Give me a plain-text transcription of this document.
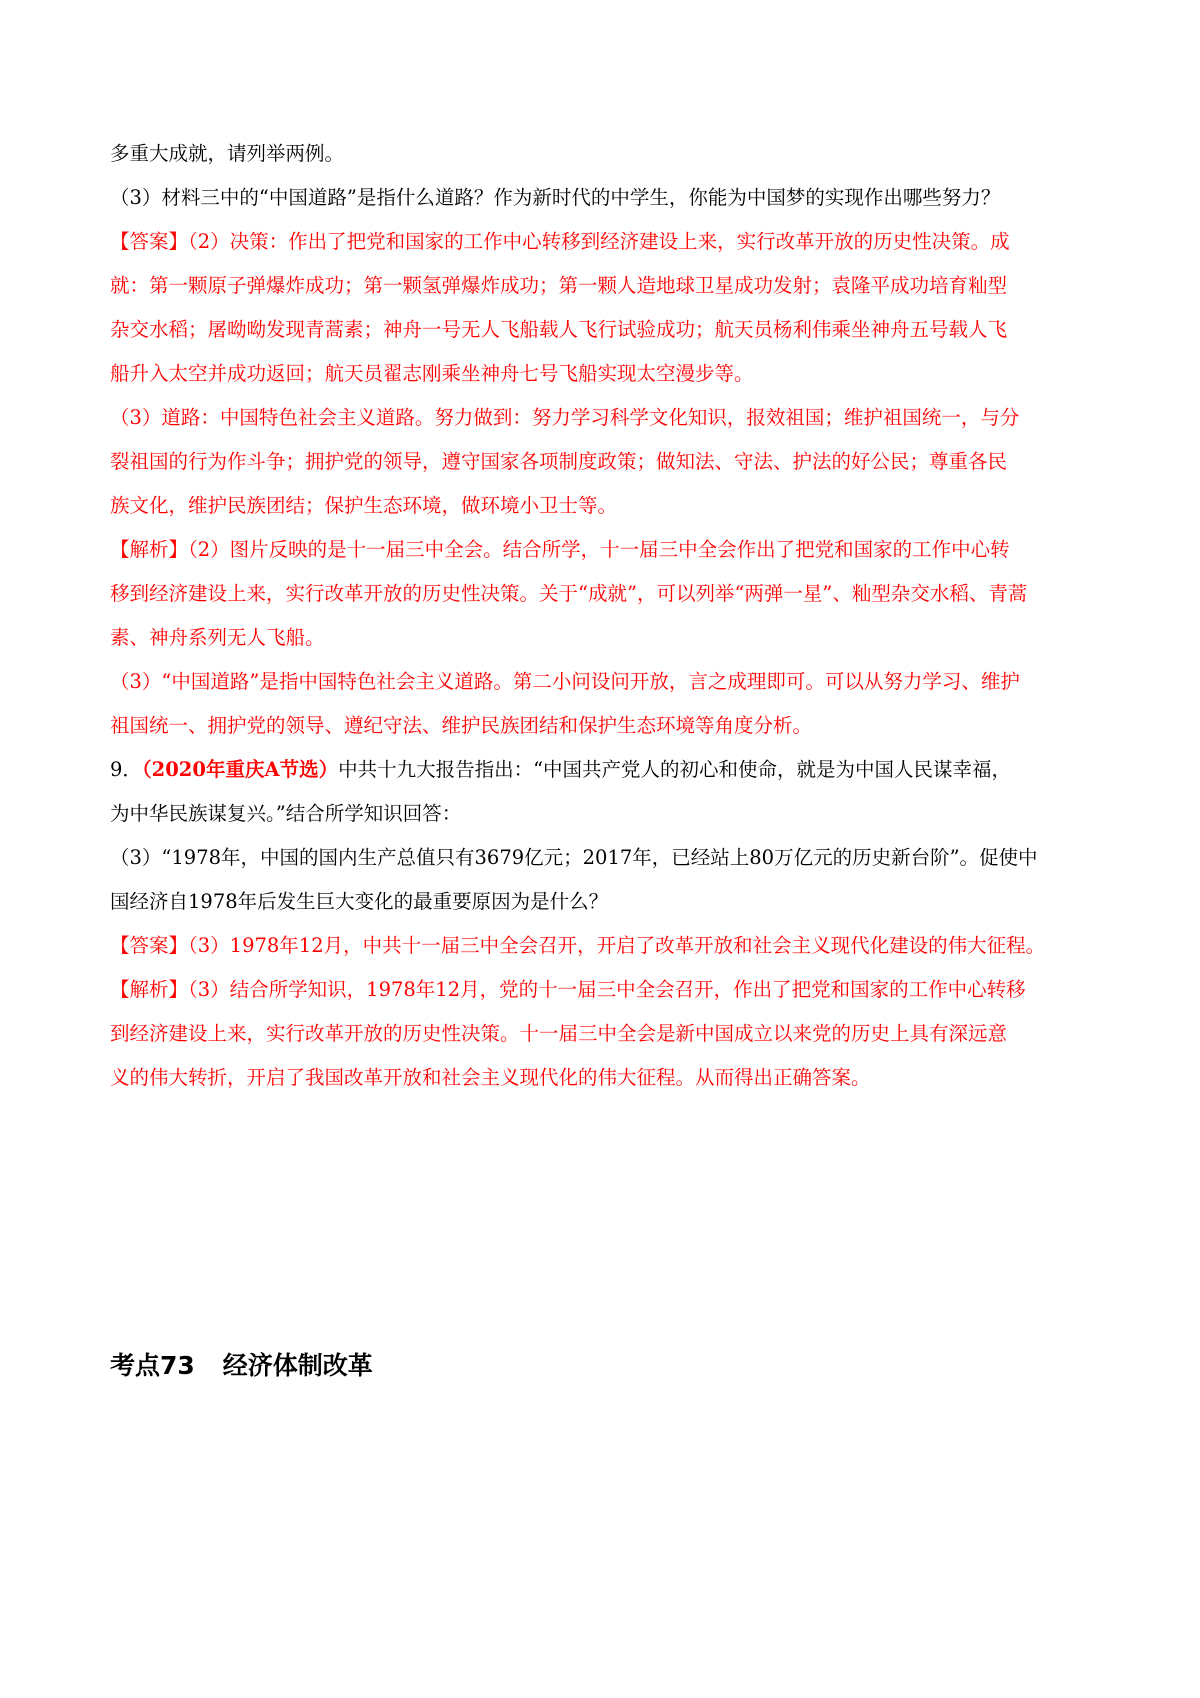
多重大成就，请列举两例。
（3）材料三中的“中国道路”是指什么道路？作为新时代的中学生，你能为中国梦的实现作出哪些努力？
【答案】（2）决策：作出了把党和国家的工作中心转移到经济建设上来，实行改革开放的历史性决策。成
就：第一颗原子弹爆炸成功；第一颗氢弹爆炸成功；第一颗人造地球卫星成功发射；袁隆平成功培育籼型
杂交水稻；屠呦呦发现青蒿素；神舟一号无人飞船载人飞行试验成功；航天员杨利伟乘坐神舟五号载人飞
船升入太空并成功返回；航天员翟志刚乘坐神舟七号飞船实现太空漫步等。
（3）道路：中国特色社会主义道路。努力做到：努力学习科学文化知识，报效祖国；维护祖国统一，与分
裂祖国的行为作斗争；拥护党的领导，遵守国家各项制度政策；做知法、守法、护法的好公民；尊重各民
族文化，维护民族团结；保护生态环境，做环境小卫士等。
【解析】（2）图片反映的是十一届三中全会。结合所学，十一届三中全会作出了把党和国家的工作中心转
移到经济建设上来，实行改革开放的历史性决策。关于“成就”，可以列举“两弹一星”、籼型杂交水稻、青蒿
素、神舟系列无人飞船。
（3）“中国道路”是指中国特色社会主义道路。第二小问设问开放，言之成理即可。可以从努力学习、维护
祖国统一、拥护党的领导、遵纪守法、维护民族团结和保护生态环境等角度分析。
9．（2020年重庆A节选）中共十九大报告指出：“中国共产党人的初心和使命，就是为中国人民谋幸福，
为中华民族谋复兴。”结合所学知识回答：
（3）“1978年，中国的国内生产总值只有3679亿元；2017年，已经站上80万亿元的历史新台阶”。促使中
国经济自1978年后发生巨大变化的最重要原因为是什么？
【答案】（3）1978年12月，中共十一届三中全会召开，开启了改革开放和社会主义现代化建设的伟大征程。
【解析】（3）结合所学知识，1978年12月，党的十一届三中全会召开，作出了把党和国家的工作中心转移
到经济建设上来，实行改革开放的历史性决策。十一届三中全会是新中国成立以来党的历史上具有深远意
义的伟大转折，开启了我国改革开放和社会主义现代化的伟大征程。从而得出正确答案。
考点73 经济体制改革
